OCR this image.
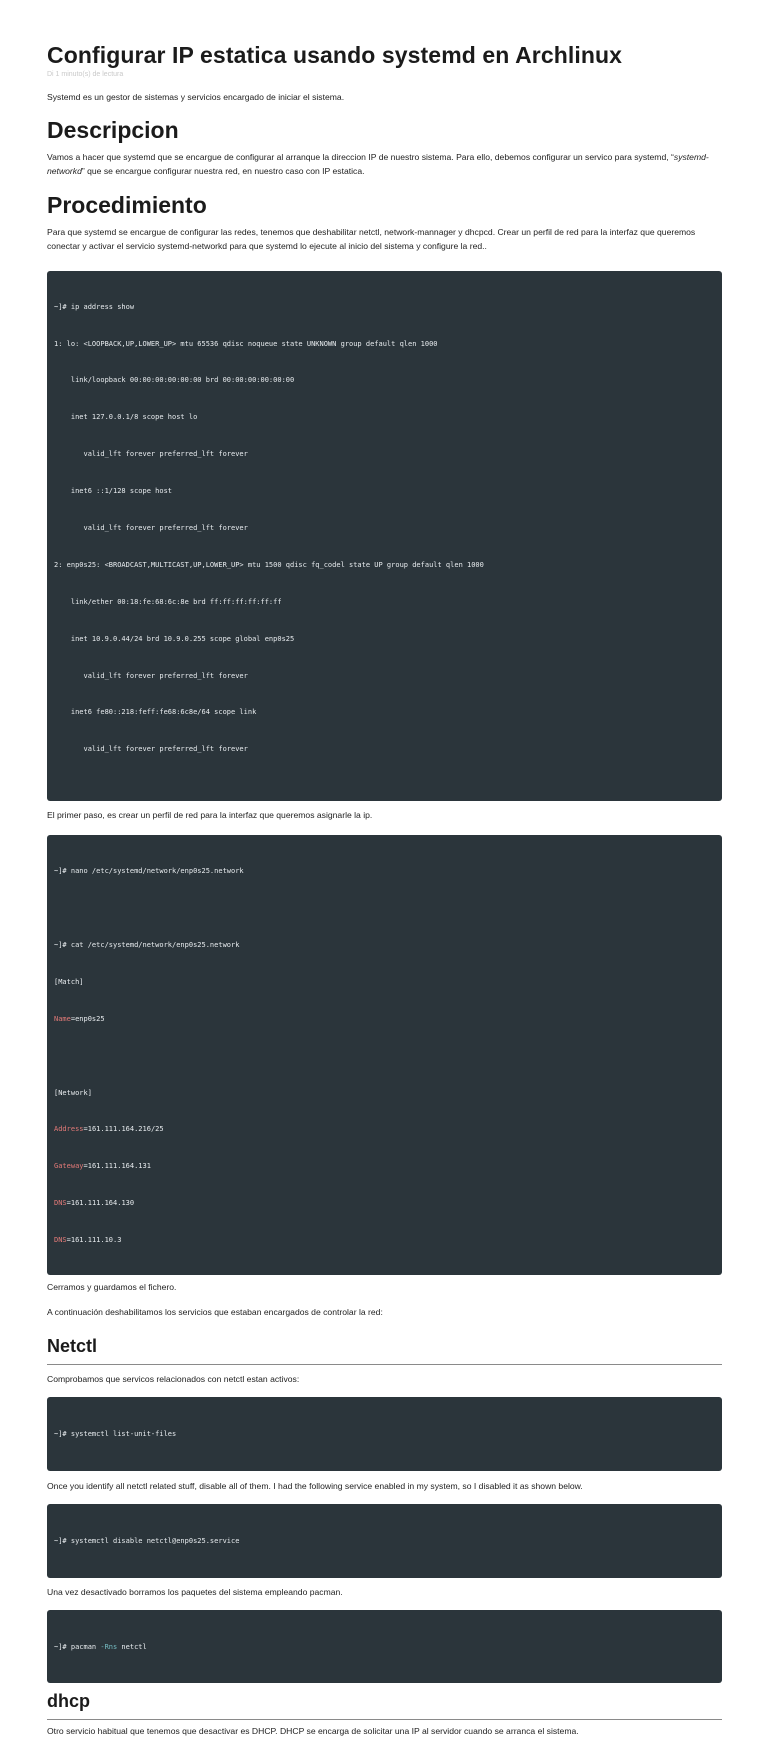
Configurar IP estatica usando systemd en Archlinux
Di 1 minuto(s) de lectura

Systemd es un gestor de sistemas y servicios encargado de iniciar el sistema.

Descripcion

Vamos a hacer que systemd que se encargue de configurar al arranque la direccion IP de nuestro sistema. Para ello, debemos configurar un servico para systemd, “systemd-networkd” que se encargue configurar nuestra red, en nuestro caso con IP estatica.

Procedimiento

Para que systemd se encargue de configurar las redes, tenemos que deshabilitar netctl, network-mannager y dhcpcd. Crear un perfil de red para la interfaz que queremos conectar y activar el servicio systemd-networkd para que systemd lo ejecute al inicio del sistema y configure la red..

~]# ip address show

1: lo: <LOOPBACK,UP,LOWER_UP> mtu 65536 qdisc noqueue state UNKNOWN group default qlen 1000

link/loopback 00:00:00:00:00:00 brd 00:00:00:00:00:00

inet 127.0.0.1/8 scope host lo

valid_lft forever preferred_lft forever

inet6 ::1/128 scope host

valid_lft forever preferred_lft forever

2: enp0s25: <BROADCAST,MULTICAST,UP,LOWER_UP> mtu 1500 qdisc fq_codel state UP group default qlen 1000

link/ether 00:18:fe:68:6c:8e brd ff:ff:ff:ff:ff:ff

inet 10.9.0.44/24 brd 10.9.0.255 scope global enp0s25

valid_lft forever preferred_lft forever

inet6 fe80::218:feff:fe68:6c8e/64 scope link

valid_lft forever preferred_lft forever

El primer paso, es crear un perfil de red para la interfaz que queremos asignarle la ip.

~]# nano /etc/systemd/network/enp0s25.network

~]# cat /etc/systemd/network/enp0s25.network

[Match]

Name=enp0s25

[Network]

Address=161.111.164.216/25

Gateway=161.111.164.131

DNS=161.111.164.130

DNS=161.111.10.3

Cerramos y guardamos el fichero.

A continuación deshabilitamos los servicios que estaban encargados de controlar la red:

Netctl

Comprobamos que servicos relacionados con netctl estan activos:

~]# systemctl list-unit-files

Once you identify all netctl related stuff, disable all of them. I had the following service enabled in my system, so I disabled it as shown below.

~]# systemctl disable netctl@enp0s25.service

Una vez desactivado borramos los paquetes del sistema empleando pacman.

~]# pacman -Rns netctl

dhcp

Otro servicio habitual que tenemos que desactivar es DHCP. DHCP se encarga de solicitar una IP al servidor cuando se arranca el sistema.
